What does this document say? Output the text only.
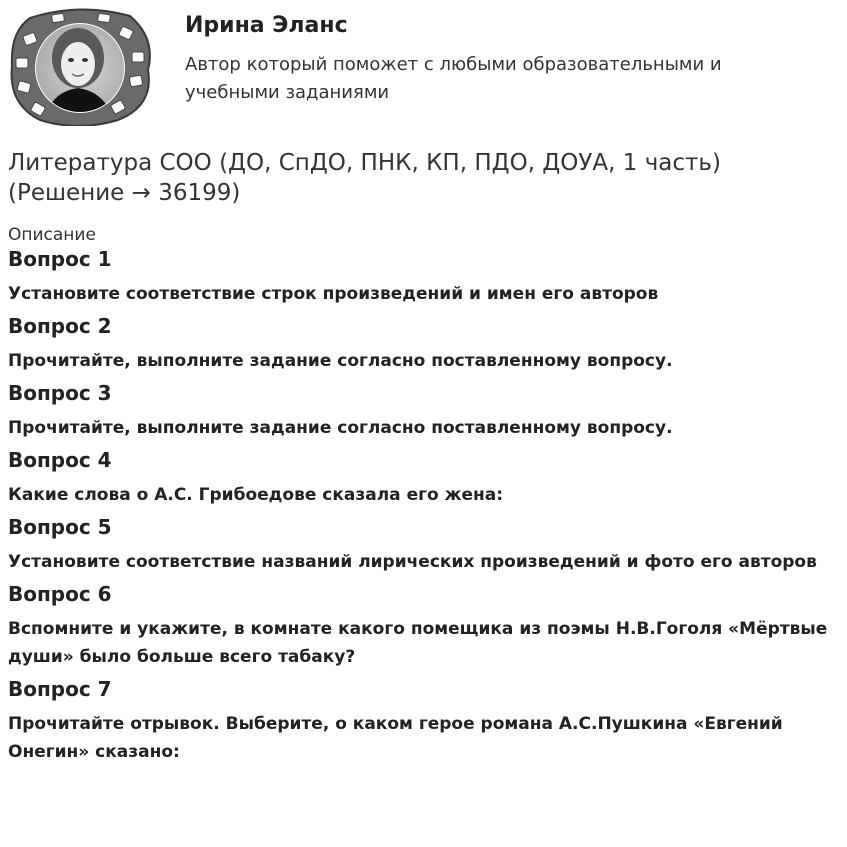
Ирина Эланс
Автор который поможет с любыми образовательными и учебными заданиями
Литература СОО (ДО, СпДО, ПНК, КП, ПДО, ДОУА, 1 часть) (Решение → 36199)
Описание
Вопрос 1
Установите соответствие строк произведений и имен его авторов
Вопрос 2
Прочитайте, выполните задание согласно поставленному вопросу.
Вопрос 3
Прочитайте, выполните задание согласно поставленному вопросу.
Вопрос 4
Какие слова о А.С. Грибоедове сказала его жена:
Вопрос 5
Установите соответствие названий лирических произведений и фото его авторов
Вопрос 6
Вспомните и укажите, в комнате какого помещика из поэмы Н.В.Гоголя «Мёртвые души» было больше всего табаку?
Вопрос 7
Прочитайте отрывок. Выберите, о каком герое романа А.С.Пушкина «Евгений Онегин» сказано:
